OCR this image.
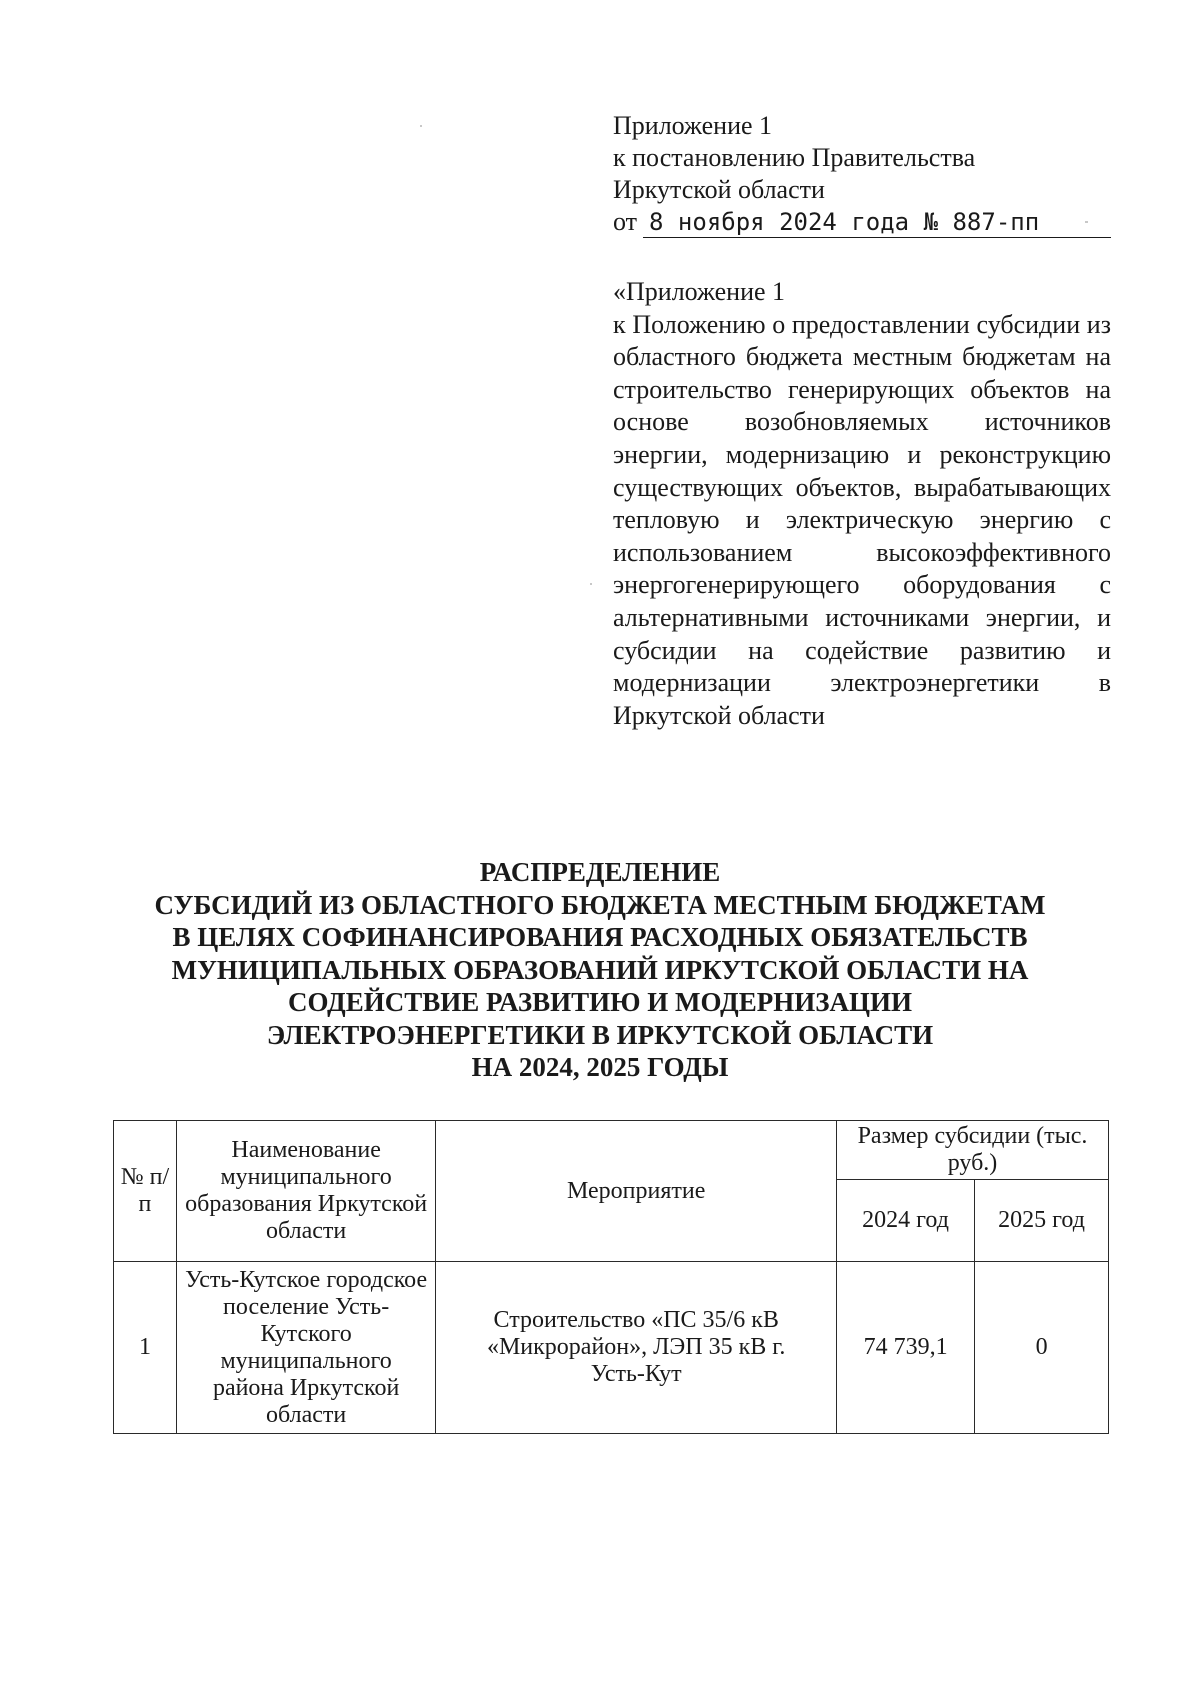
Приложение 1
к постановлению Правительства
Иркутской области
от 8 ноября 2024 года № 887-пп
«Приложение 1
к Положению о предоставлении субсидии из областного бюджета местным бюджетам на строительство генерирующих объектов на основе возобновляемых источников энергии, модернизацию и реконструкцию существующих объектов, вырабатывающих тепловую и электрическую энергию с использованием высокоэффективного энергогенерирующего оборудования с альтернативными источниками энергии, и субсидии на содействие развитию и модернизации электроэнергетики в Иркутской области
РАСПРЕДЕЛЕНИЕ
СУБСИДИЙ ИЗ ОБЛАСТНОГО БЮДЖЕТА МЕСТНЫМ БЮДЖЕТАМ
В ЦЕЛЯХ СОФИНАНСИРОВАНИЯ РАСХОДНЫХ ОБЯЗАТЕЛЬСТВ
МУНИЦИПАЛЬНЫХ ОБРАЗОВАНИЙ ИРКУТСКОЙ ОБЛАСТИ НА
СОДЕЙСТВИЕ РАЗВИТИЮ И МОДЕРНИЗАЦИИ
ЭЛЕКТРОЭНЕРГЕТИКИ В ИРКУТСКОЙ ОБЛАСТИ
НА 2024, 2025 ГОДЫ
№ п/п	Наименование муниципального образования Иркутской области	Мероприятие	Размер субсидии (тыс. руб.)	
			2024 год	2025 год
1	Усть-Кутское городское поселение Усть-Кутского муниципального района Иркутской области	Строительство «ПС 35/6 кВ «Микрорайон», ЛЭП 35 кВ г. Усть-Кут	74 739,1	0
